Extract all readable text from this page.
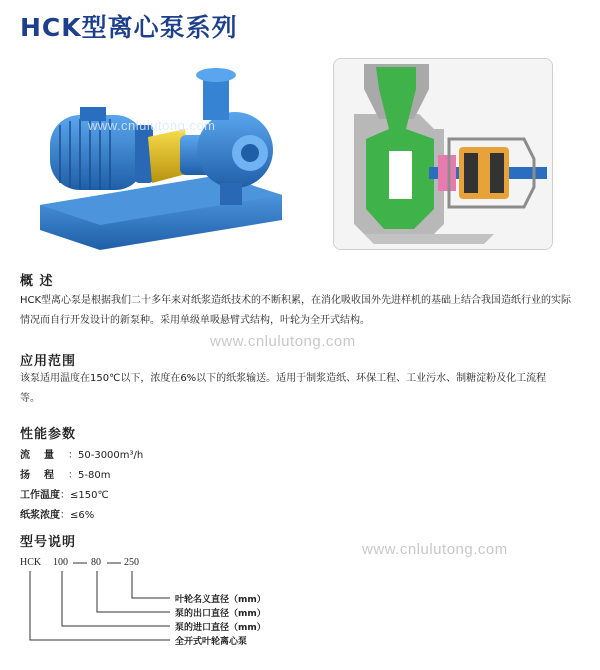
HCK型离心泵系列
www.cnlulutong.com
概 述
HCK型离心泵是根据我们二十多年来对纸浆造纸技术的不断积累，在消化吸收国外先进样机的基础上结合我国造纸行业的实际情况而自行开发设计的新泵种。采用单级单吸悬臂式结构，叶轮为全开式结构。
www.cnlulutong.com
应用范围
该泵适用温度在150℃以下，浓度在6%以下的纸浆输送。适用于制浆造纸、环保工程、工业污水、制糖淀粉及化工流程等。
性能参数
流量：50-3000m³/h
扬程：5-80m
工作温度：≤150℃
纸浆浓度：≤6%
型号说明	www.cnlulutong.com
HCK 100 80 250
叶轮名义直径（mm）
泵的出口直径（mm）
泵的进口直径（mm）
全开式叶轮离心泵
